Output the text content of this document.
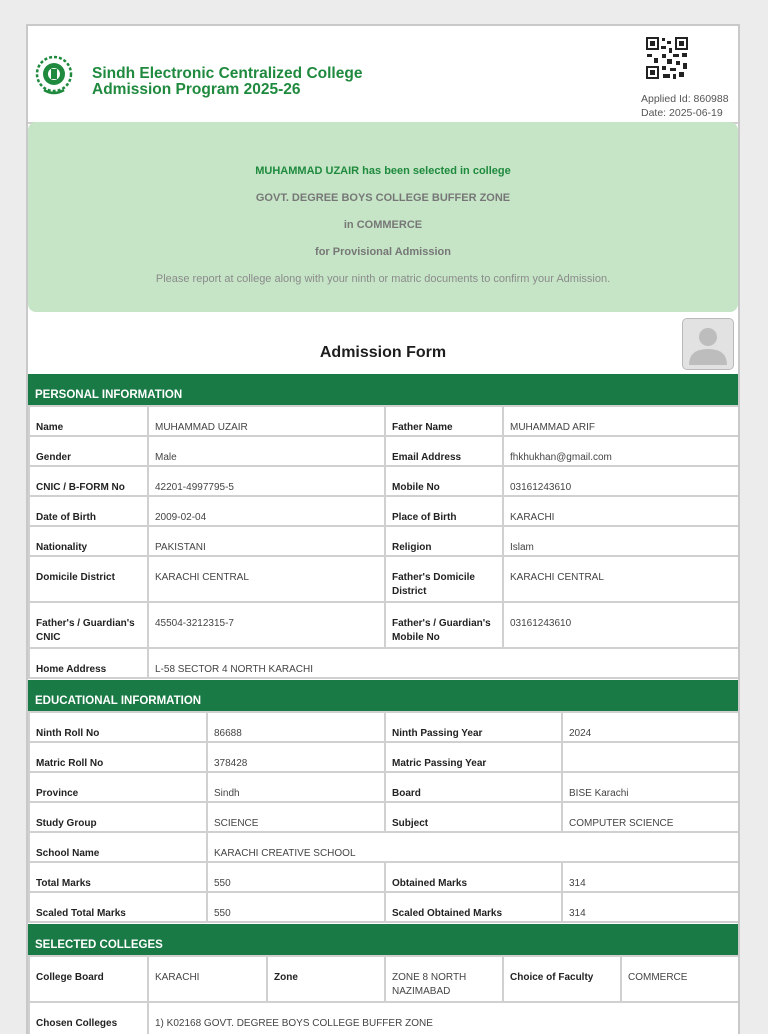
Sindh Electronic Centralized College
Admission Program 2025-26
Applied Id: 860988
Date: 2025-06-19
MUHAMMAD UZAIR has been selected in college
GOVT. DEGREE BOYS COLLEGE BUFFER ZONE
in COMMERCE
for Provisional Admission
Please report at college along with your ninth or matric documents to confirm your Admission.
Admission Form
PERSONAL INFORMATION
Name	MUHAMMAD UZAIR	Father Name	MUHAMMAD ARIF
Gender	Male	Email Address	fhkhukhan@gmail.com
CNIC / B-FORM No	42201-4997795-5	Mobile No	03161243610
Date of Birth	2009-02-04	Place of Birth	KARACHI
Nationality	PAKISTANI	Religion	Islam
Domicile District	KARACHI CENTRAL	Father's Domicile District	KARACHI CENTRAL
Father's / Guardian's CNIC	45504-3212315-7	Father's / Guardian's Mobile No	03161243610
Home Address	L-58 SECTOR 4 NORTH KARACHI		
EDUCATIONAL INFORMATION
Ninth Roll No	86688	Ninth Passing Year	2024
Matric Roll No	378428	Matric Passing Year	
Province	Sindh	Board	BISE Karachi
Study Group	SCIENCE	Subject	COMPUTER SCIENCE
School Name	KARACHI CREATIVE SCHOOL		
Total Marks	550	Obtained Marks	314
Scaled Total Marks	550	Scaled Obtained Marks	314
SELECTED COLLEGES
College Board	KARACHI	Zone	ZONE 8 NORTH NAZIMABAD	Choice of Faculty	COMMERCE
Chosen Colleges	1) K02168 GOVT. DEGREE BOYS COLLEGE BUFFER ZONE				
